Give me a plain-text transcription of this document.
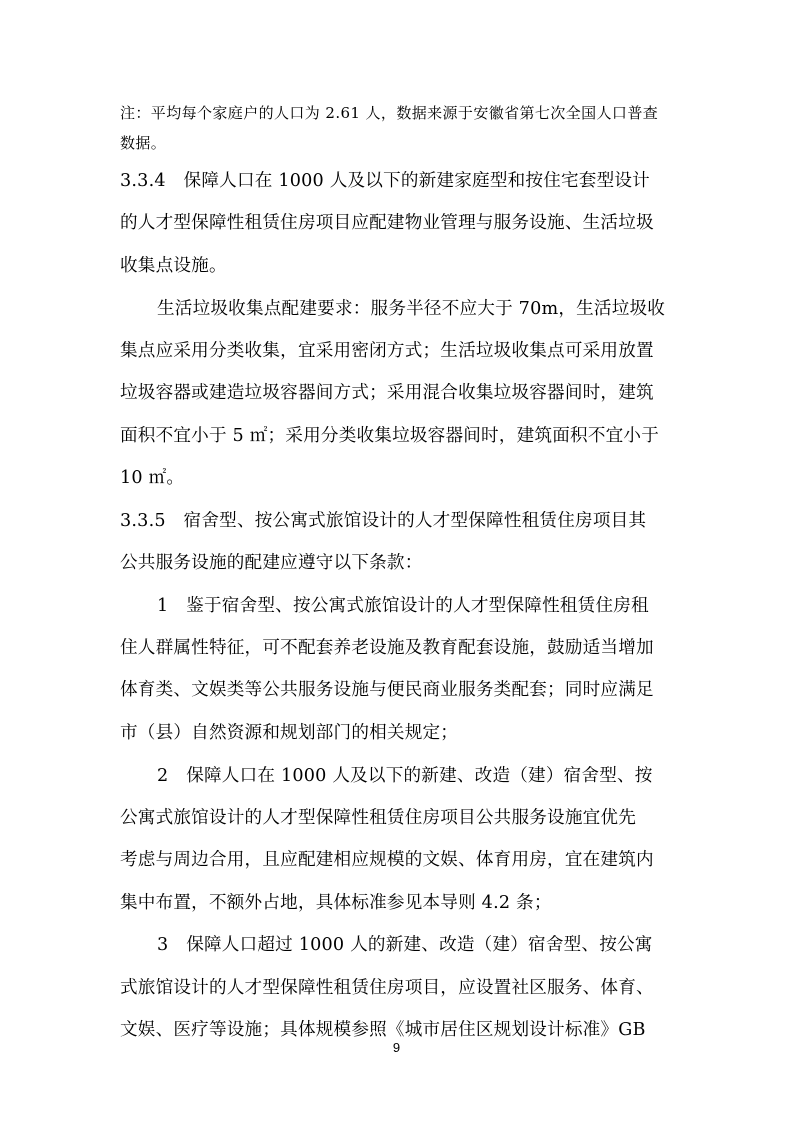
注：平均每个家庭户的人口为 2.61 人，数据来源于安徽省第七次全国人口普查
数据。
3.3.4　保障人口在 1000 人及以下的新建家庭型和按住宅套型设计
的人才型保障性租赁住房项目应配建物业管理与服务设施、生活垃圾
收集点设施。
生活垃圾收集点配建要求：服务半径不应大于 70m，生活垃圾收
集点应采用分类收集，宜采用密闭方式；生活垃圾收集点可采用放置
垃圾容器或建造垃圾容器间方式；采用混合收集垃圾容器间时，建筑
面积不宜小于 5 ㎡；采用分类收集垃圾容器间时，建筑面积不宜小于
10 ㎡。
3.3.5　宿舍型、按公寓式旅馆设计的人才型保障性租赁住房项目其
公共服务设施的配建应遵守以下条款：
1　鉴于宿舍型、按公寓式旅馆设计的人才型保障性租赁住房租
住人群属性特征，可不配套养老设施及教育配套设施，鼓励适当增加
体育类、文娱类等公共服务设施与便民商业服务类配套；同时应满足
市（县）自然资源和规划部门的相关规定；
2　保障人口在 1000 人及以下的新建、改造（建）宿舍型、按
公寓式旅馆设计的人才型保障性租赁住房项目公共服务设施宜优先
考虑与周边合用，且应配建相应规模的文娱、体育用房，宜在建筑内
集中布置，不额外占地，具体标准参见本导则 4.2 条；
3　保障人口超过 1000 人的新建、改造（建）宿舍型、按公寓
式旅馆设计的人才型保障性租赁住房项目，应设置社区服务、体育、
文娱、医疗等设施；具体规模参照《城市居住区规划设计标准》GB
9
